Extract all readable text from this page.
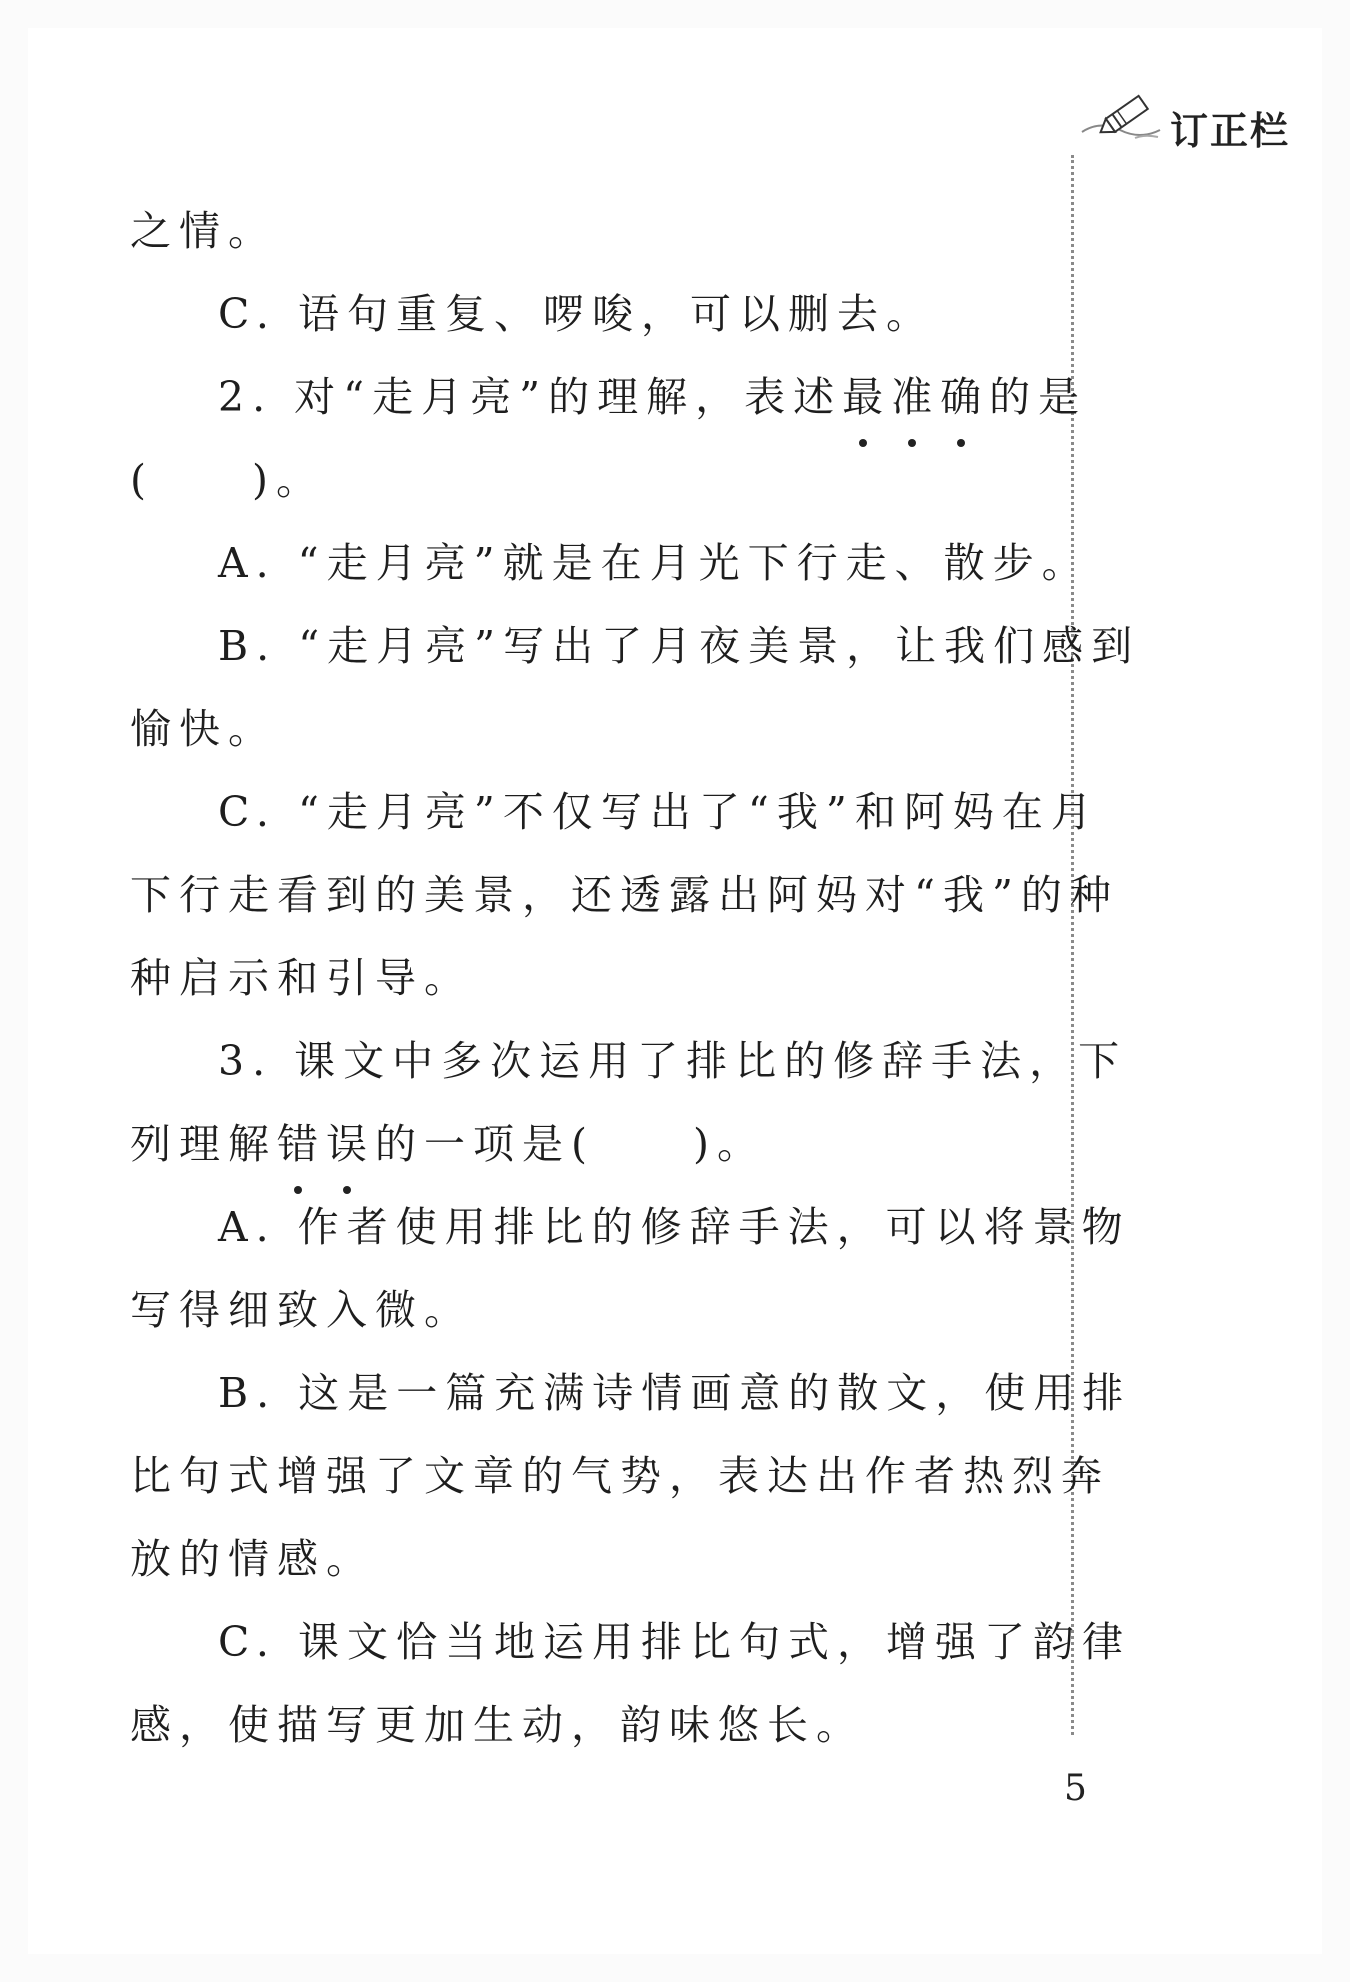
订正栏

之情。

C. 语句重复、啰唆，可以删去。

2. 对“走月亮”的理解，表述最准确的是

(　　)。

A. “走月亮”就是在月光下行走、散步。

B. “走月亮”写出了月夜美景，让我们感到

愉快。

C. “走月亮”不仅写出了“我”和阿妈在月

下行走看到的美景，还透露出阿妈对“我”的种

种启示和引导。

3. 课文中多次运用了排比的修辞手法，下

列理解错误的一项是(　　)。

A. 作者使用排比的修辞手法，可以将景物

写得细致入微。

B. 这是一篇充满诗情画意的散文，使用排

比句式增强了文章的气势，表达出作者热烈奔

放的情感。

C. 课文恰当地运用排比句式，增强了韵律

感，使描写更加生动，韵味悠长。

5
